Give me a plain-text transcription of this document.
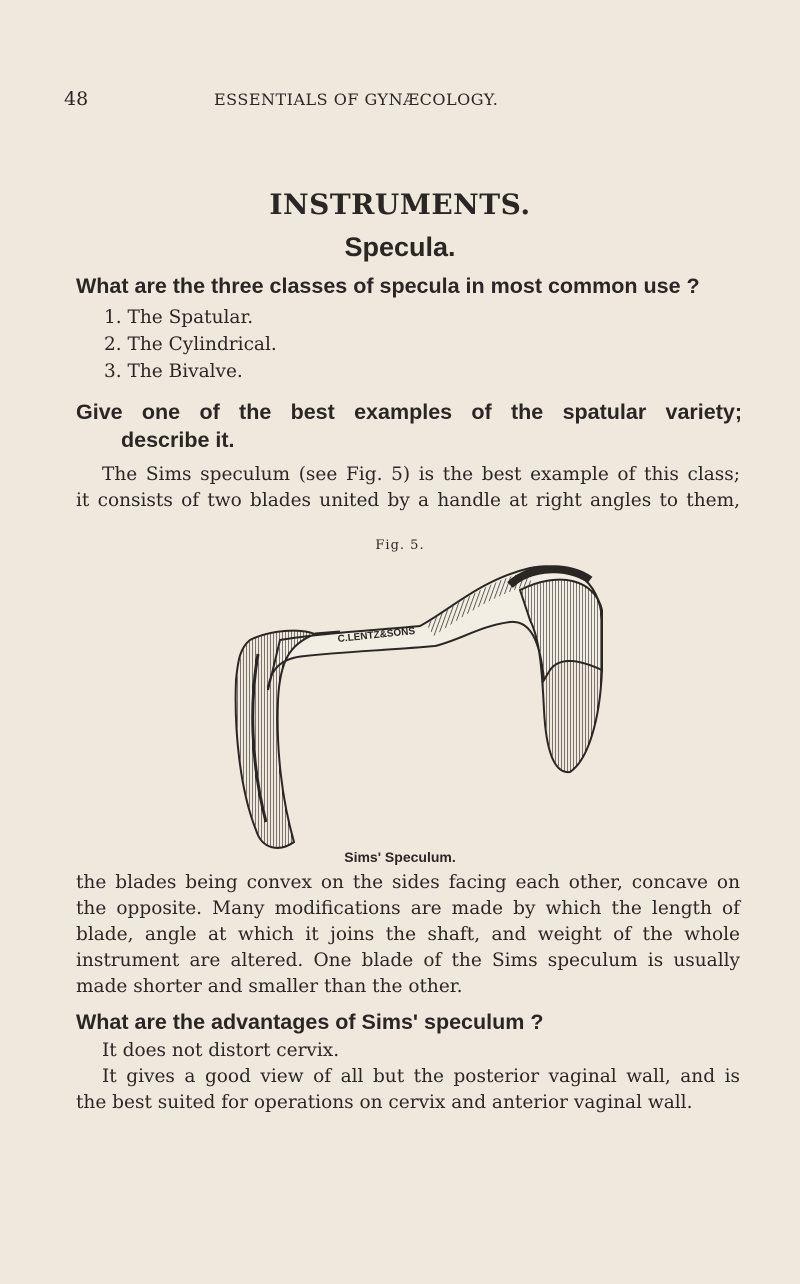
48	ESSENTIALS OF GYNÆCOLOGY.
INSTRUMENTS.
Specula.
What are the three classes of specula in most common use ?
1. The Spatular.
2. The Cylindrical.
3. The Bivalve.
Give one of the best examples of the spatular variety;
describe it.
The Sims speculum (see Fig. 5) is the best example of this class;
it consists of two blades united by a handle at right angles to them,
Fig. 5.
C.LENTZ&SONS
Sims' Speculum.
the blades being convex on the sides facing each other, concave on
the opposite. Many modifications are made by which the length of
blade, angle at which it joins the shaft, and weight of the whole
instrument are altered. One blade of the Sims speculum is usually
made shorter and smaller than the other.
What are the advantages of Sims' speculum ?
It does not distort cervix.
It gives a good view of all but the posterior vaginal wall, and is
the best suited for operations on cervix and anterior vaginal wall.
